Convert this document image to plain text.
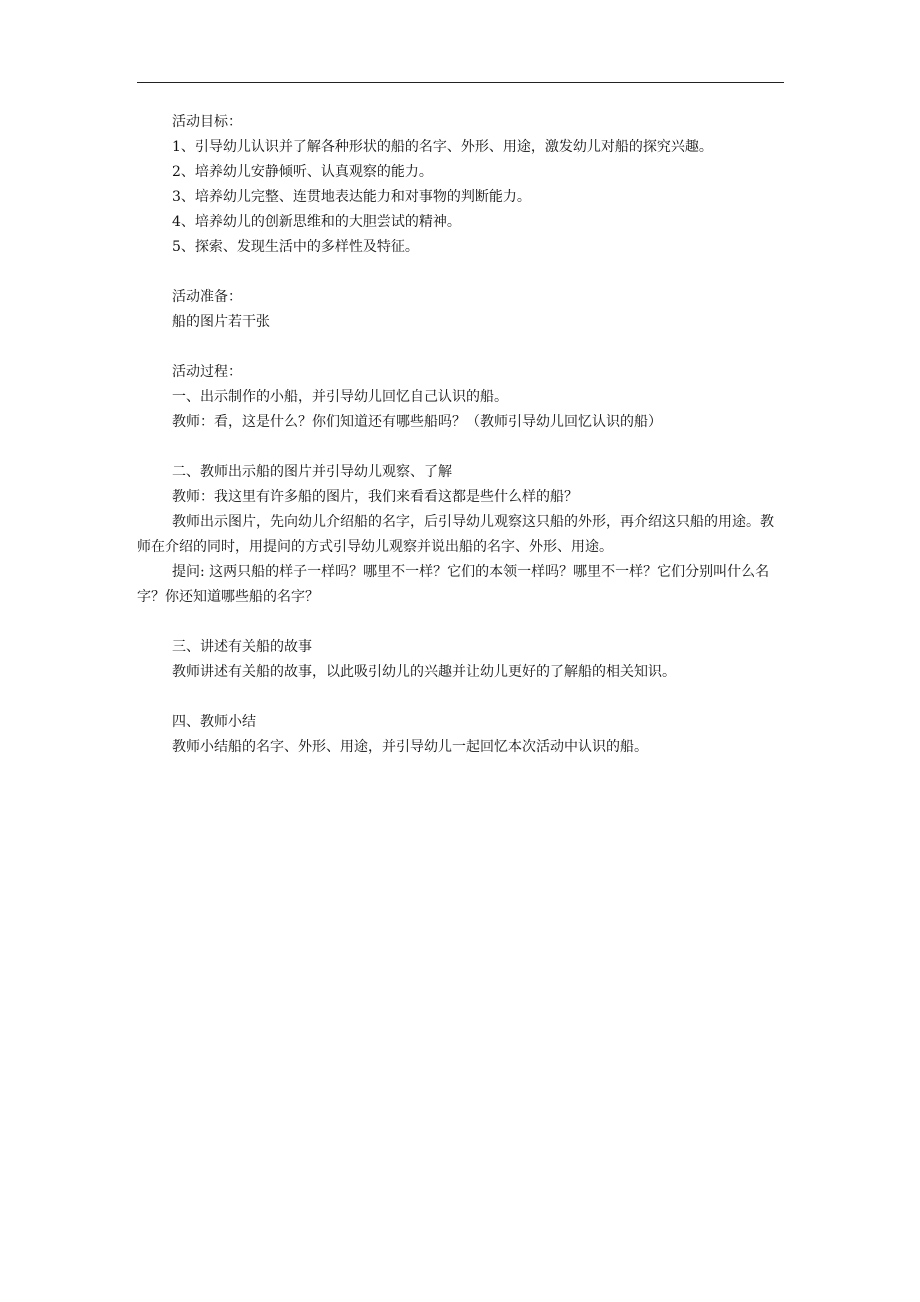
活动目标：
1、引导幼儿认识并了解各种形状的船的名字、外形、用途，激发幼儿对船的探究兴趣。
2、培养幼儿安静倾听、认真观察的能力。
3、培养幼儿完整、连贯地表达能力和对事物的判断能力。
4、培养幼儿的创新思维和的大胆尝试的精神。
5、探索、发现生活中的多样性及特征。
活动准备：
船的图片若干张
活动过程：
一、出示制作的小船，并引导幼儿回忆自己认识的船。
教师：看，这是什么？你们知道还有哪些船吗？（教师引导幼儿回忆认识的船）
二、教师出示船的图片并引导幼儿观察、了解
教师：我这里有许多船的图片，我们来看看这都是些什么样的船？
教师出示图片，先向幼儿介绍船的名字，后引导幼儿观察这只船的外形，再介绍这只船的用途。教师在介绍的同时，用提问的方式引导幼儿观察并说出船的名字、外形、用途。
提问: 这两只船的样子一样吗？哪里不一样？它们的本领一样吗？哪里不一样？它们分别叫什么名字？你还知道哪些船的名字？
三、讲述有关船的故事
教师讲述有关船的故事，以此吸引幼儿的兴趣并让幼儿更好的了解船的相关知识。
四、教师小结
教师小结船的名字、外形、用途，并引导幼儿一起回忆本次活动中认识的船。
